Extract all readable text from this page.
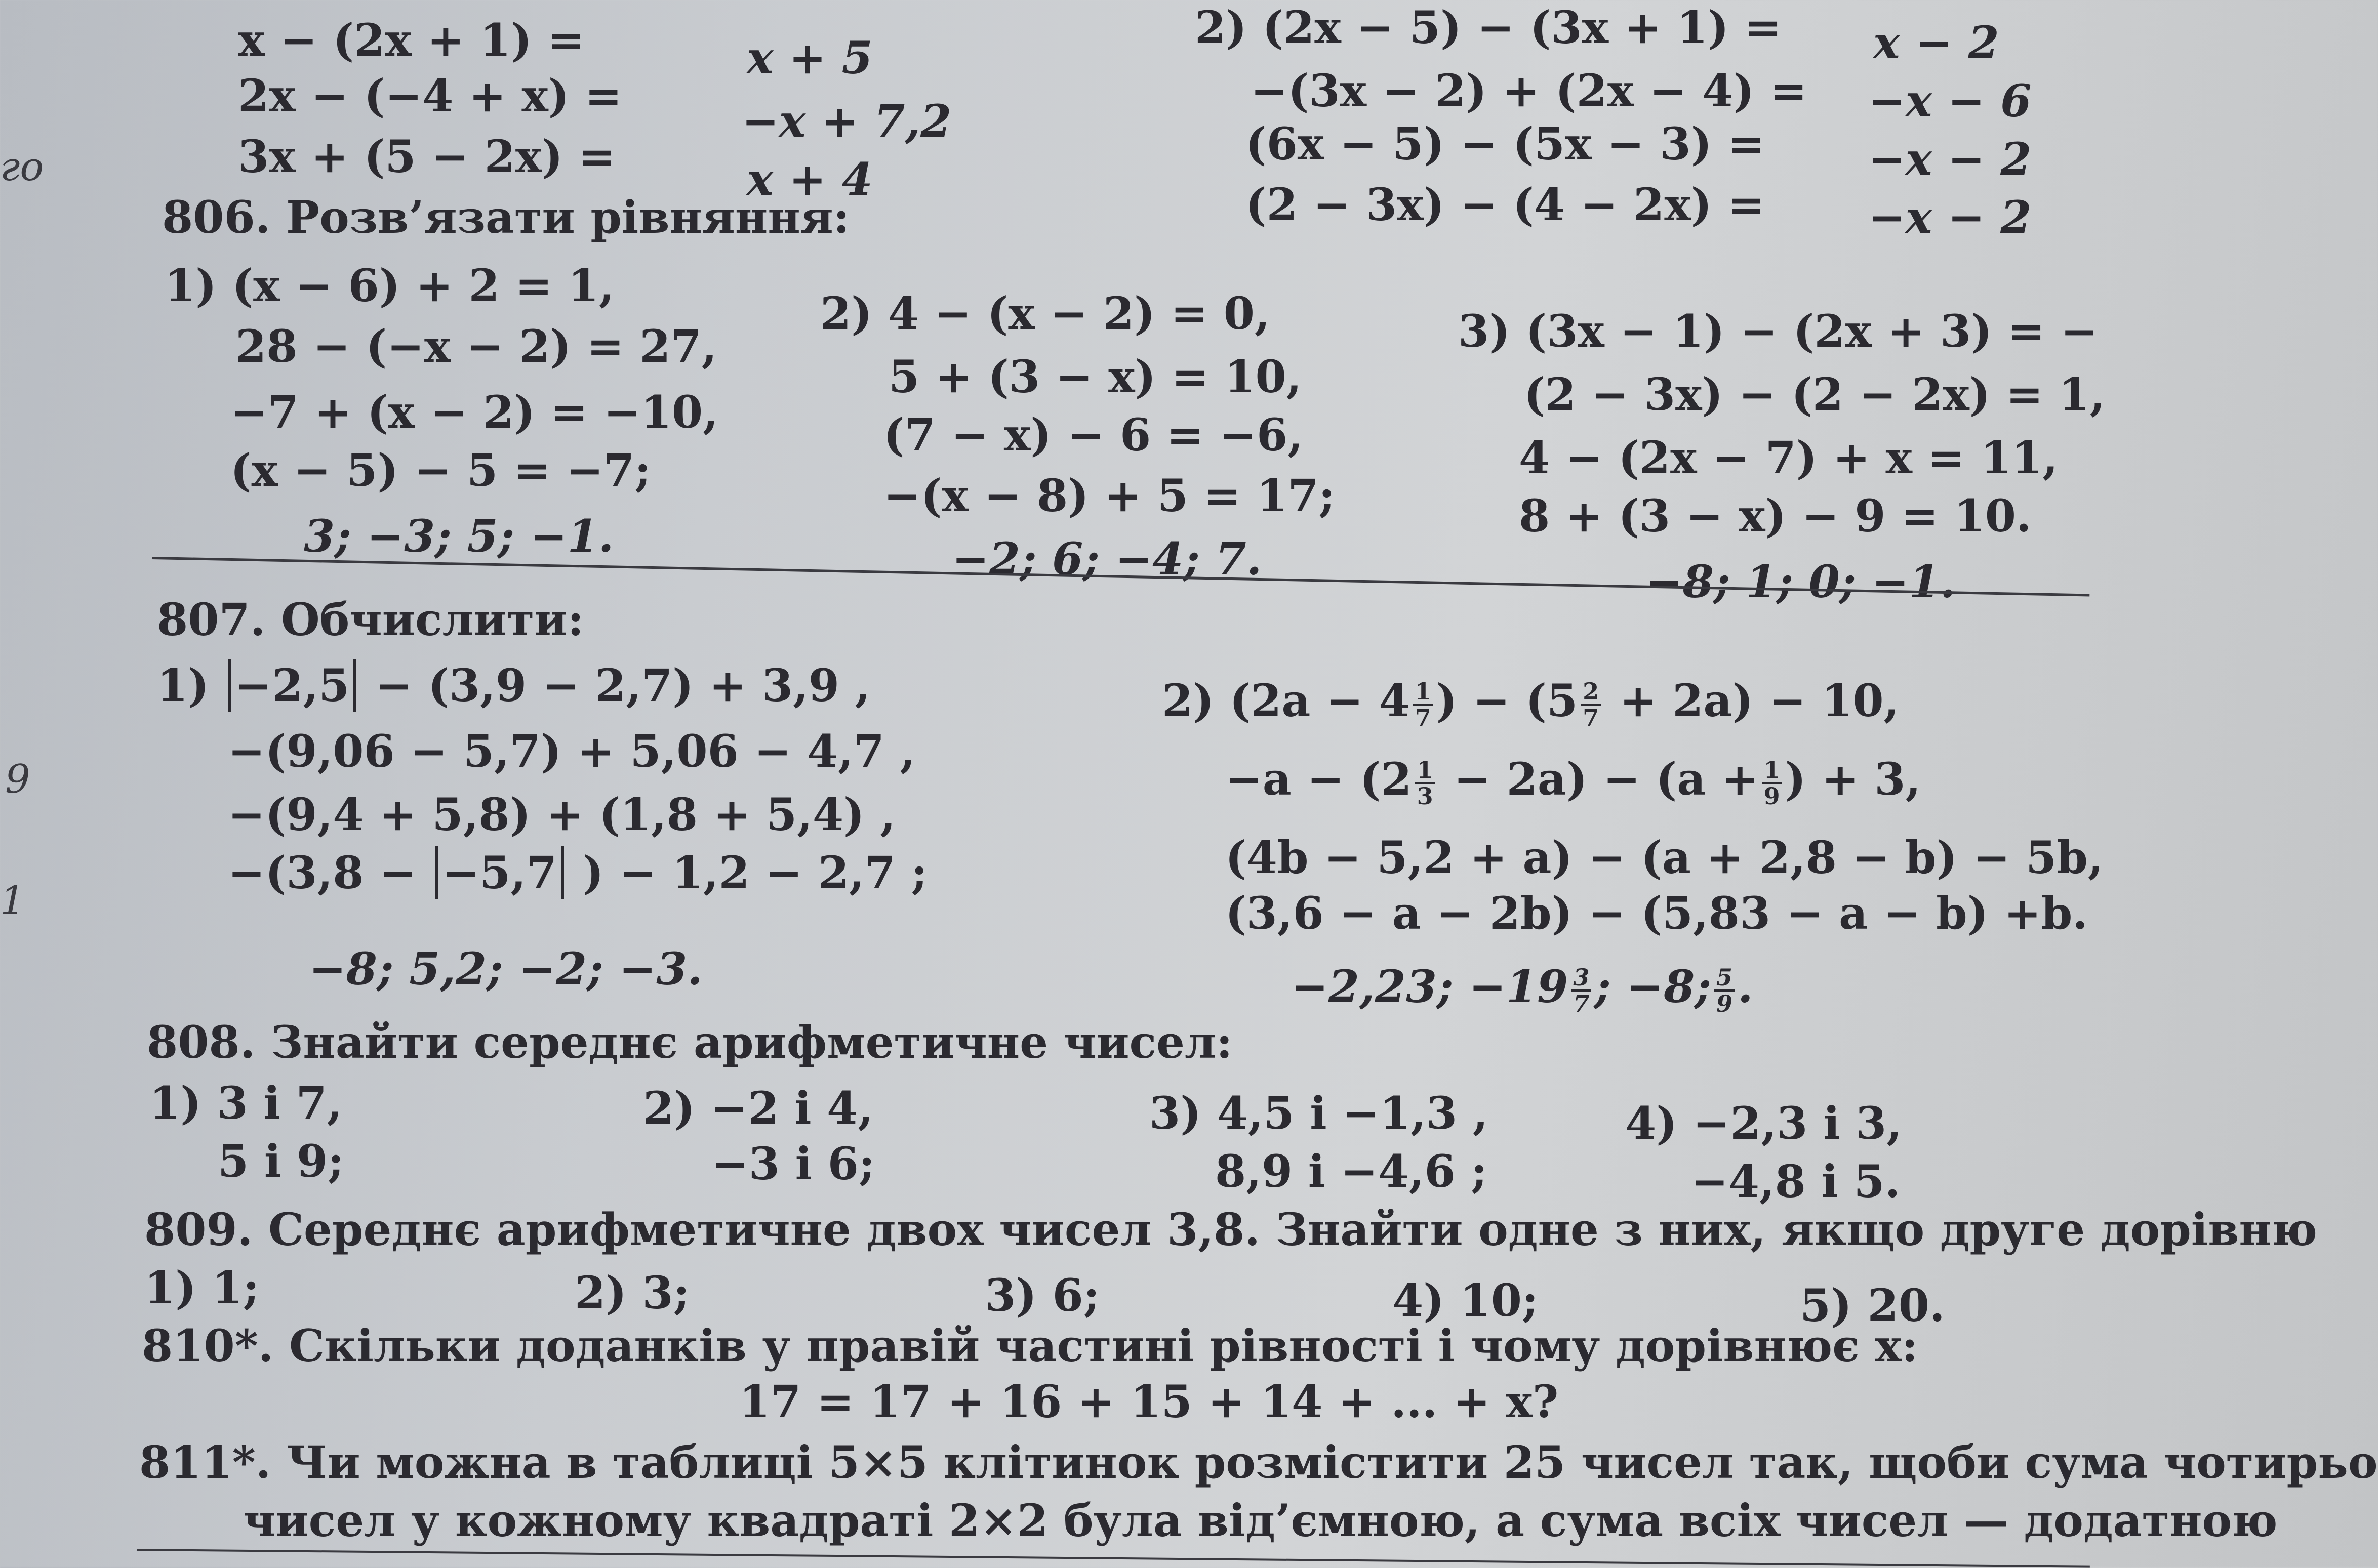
го
9
1
x − (2x + 1) =	x + 5
2x − (−4 + x) =	−x + 7,2
3x + (5 − 2x) =	x + 4
2) (2x − 5) − (3x + 1) = x − 2
−(3x − 2) + (2x − 4) = −x − 6
(6x − 5) − (5x − 3) = −x − 2
(2 − 3x) − (4 − 2x) = −x − 2
806. Розв’язати рівняння:
1) (x − 6) + 2 = 1,
28 − (−x − 2) = 27,
−7 + (x − 2) = −10,
(x − 5) − 5 = −7;
3; −3; 5; −1.
2) 4 − (x − 2) = 0,
5 + (3 − x) = 10,
(7 − x) − 6 = −6,
−(x − 8) + 5 = 17;
−2; 6; −4; 7.
3) (3x − 1) − (2x + 3) = −
(2 − 3x) − (2 − 2x) = 1,
4 − (2x − 7) + x = 11,
8 + (3 − x) − 9 = 10.
−8; 1; 0; −1.
807. Обчислити:
1) −2,5 − (3,9 − 2,7) + 3,9 ,
−(9,06 − 5,7) + 5,06 − 4,7 ,
−(9,4 + 5,8) + (1,8 + 5,4) ,
−(3,8 − −5,7 ) − 1,2 − 2,7 ;
−8; 5,2; −2; −3.
2) ($2a - 4 \frac{1}{7}$ ) − $(5 \frac{2}{7} + 2a) - 10$,
$-a - (2 \frac{1}{3} - 2a) - (a + \frac{1}{9}$ ) + 3,
(4b − 5,2 + a) − (a + 2,8 − b) − 5b,
(3,6 − a − 2b) − (5,83 − a − b) +b.
−2,23; $-19 \frac{3}{7}$ ; −8; $\frac{5}{9}$ .
808. Знайти середнє арифметичне чисел:
1) 3 і 7,
5 і 9;
2) −2 і 4,
−3 і 6;
3) 4,5 і −1,3 ,
8,9 і −4,6 ;
4) −2,3 і 3,
−4,8 і 5.
809. Середнє арифметичне двох чисел 3,8. Знайти одне з них, якщо друге дорівню
1) 1;	2) 3;	3) 6;	4) 10;	5) 20.
810*. Скільки доданків у правій частині рівності і чому дорівнює x:
17 = 17 + 16 + 15 + 14 + ... + x?
811*. Чи можна в таблиці 5×5 клітинок розмістити 25 чисел так, щоби сума чотирьо
чисел у кожному квадраті 2×2 була від’ємною, а сума всіх чисел — додатною
